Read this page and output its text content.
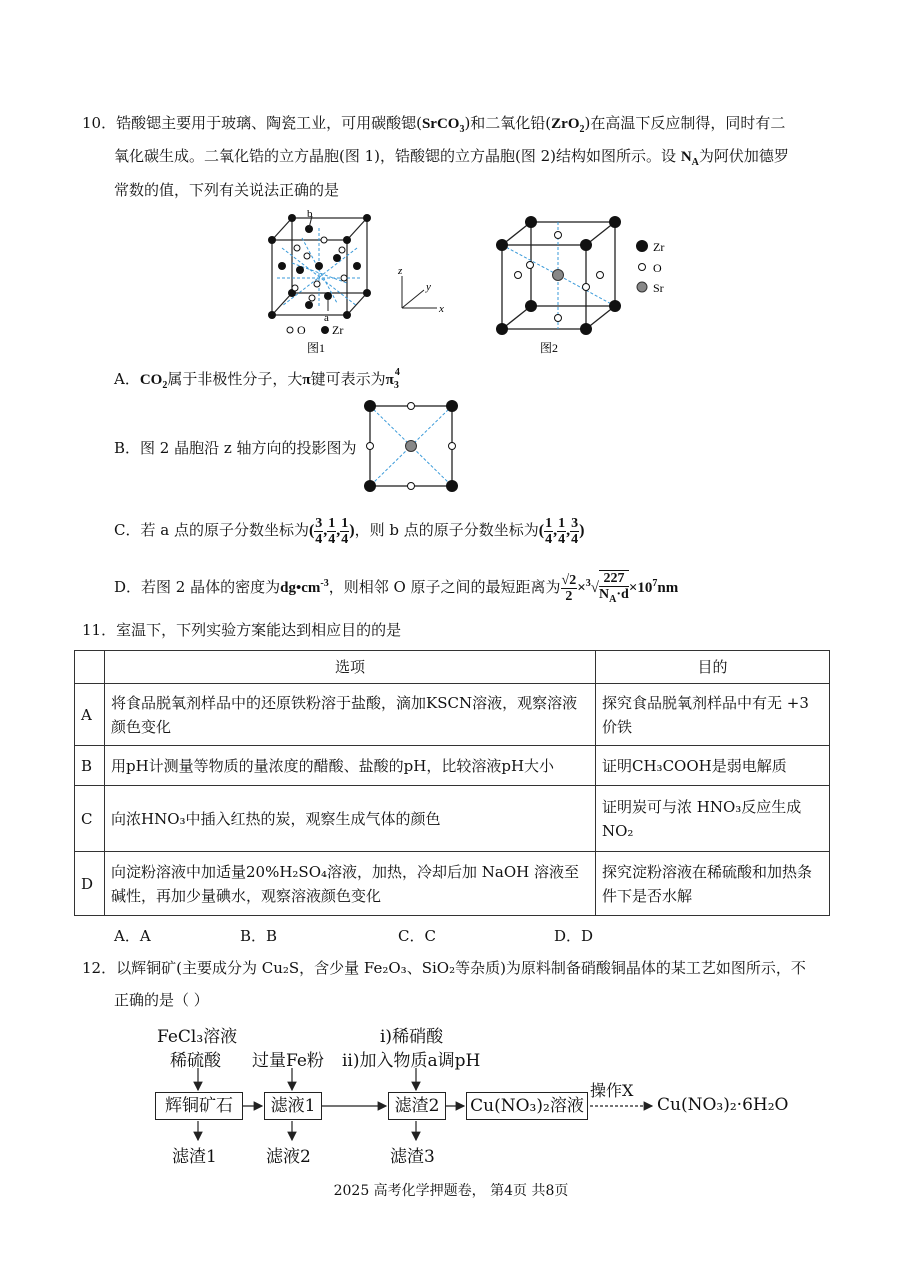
10．锆酸锶主要用于玻璃、陶瓷工业，可用碳酸锶(SrCO$_3$)和二氧化铅(ZrO$_2$)在高温下反应制得，同时有二
氧化碳生成。二氧化锆的立方晶胞(图 1)，锆酸锶的立方晶胞(图 2)结构如图所示。设 $N_A$为阿伏加德罗
常数的值，下列有关说法正确的是
b
a
x
z
y
O Zr
图1
Zr
O
Sr
图2
A．$CO_2$属于非极性分子，大π键可表示为$\pi_3^4$
B．图 2 晶胞沿 z 轴方向的投影图为
C．若 a 点的原子分数坐标为( $\frac{3}{4}$ , $\frac{1}{4}$ , $\frac{1}{4}$ )，则 b 点的原子分数坐标为( $\frac{1}{4}$ , $\frac{1}{4}$ , $\frac{3}{4}$ )
D．若图 2 晶体的密度为$dg•cm^{-3}$，则相邻 O 原子之间的最短距离为 $\frac{√2}{2} \times^3√ \frac{227}{N_A\cdot d} \times 10^7nm$
11．室温下，下列实验方案能达到相应目的的是
	选项	目的
A	将食品脱氧剂样品中的还原铁粉溶于盐酸，滴加KSCN溶液，观察溶液颜色变化	探究食品脱氧剂样品中有无 +3 价铁
B	用pH计测量等物质的量浓度的醋酸、盐酸的pH，比较溶液pH大小	证明CH₃COOH是弱电解质
C	向浓HNO₃中插入红热的炭，观察生成气体的颜色	证明炭可与浓 HNO₃反应生成 NO₂
D	向淀粉溶液中加适量20%H₂SO₄溶液，加热，冷却后加 NaOH 溶液至碱性，再加少量碘水，观察溶液颜色变化	探究淀粉溶液在稀硫酸和加热条件下是否水解
A．A	B．B	C．C	D．D
12．以辉铜矿(主要成分为 Cu₂S，含少量 Fe₂O₃、SiO₂等杂质)为原料制备硝酸铜晶体的某工艺如图所示，不
正确的是（ ）
FeCl₃溶液
稀硫酸 过量Fe粉
i)稀硝酸
ii)加入物质a调pH
辉铜矿石	滤液1	滤渣2	Cu(NO₃)₂溶液
操作X
Cu(NO₃)₂·6H₂O
滤渣1	滤液2	滤渣3
2025 高考化学押题卷， 第4页 共8页
